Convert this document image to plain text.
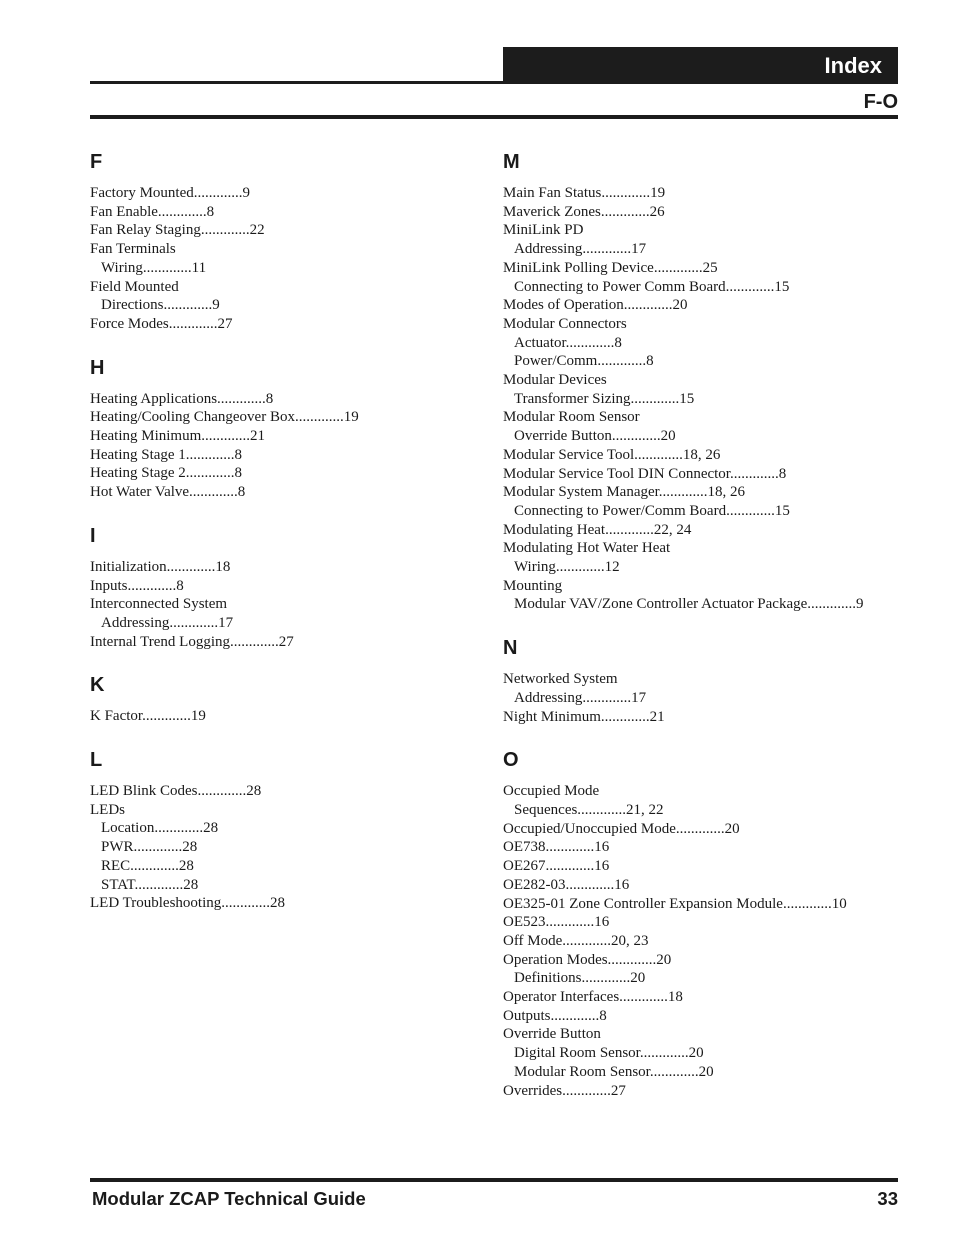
Index
F-O
F
Factory Mounted.............9
Fan Enable.............8
Fan Relay Staging.............22
Fan Terminals
Wiring.............11
Field Mounted
Directions.............9
Force Modes.............27
H
Heating Applications.............8
Heating/Cooling Changeover Box.............19
Heating Minimum.............21
Heating Stage 1.............8
Heating Stage 2.............8
Hot Water Valve.............8
I
Initialization.............18
Inputs.............8
Interconnected System
Addressing.............17
Internal Trend Logging.............27
K
K Factor.............19
L
LED Blink Codes.............28
LEDs
Location.............28
PWR.............28
REC.............28
STAT.............28
LED Troubleshooting.............28
M
Main Fan Status.............19
Maverick Zones.............26
MiniLink PD
Addressing.............17
MiniLink Polling Device.............25
Connecting to Power Comm Board.............15
Modes of Operation.............20
Modular Connectors
Actuator.............8
Power/Comm.............8
Modular Devices
Transformer Sizing.............15
Modular Room Sensor
Override Button.............20
Modular Service Tool.............18, 26
Modular Service Tool DIN Connector.............8
Modular System Manager.............18, 26
Connecting to Power/Comm Board.............15
Modulating Heat.............22, 24
Modulating Hot Water Heat
Wiring.............12
Mounting
Modular VAV/Zone Controller Actuator Package.............9
N
Networked System
Addressing.............17
Night Minimum.............21
O
Occupied Mode
Sequences.............21, 22
Occupied/Unoccupied Mode.............20
OE738.............16
OE267.............16
OE282-03.............16
OE325-01 Zone Controller Expansion Module.............10
OE523.............16
Off Mode.............20, 23
Operation Modes.............20
Definitions.............20
Operator Interfaces.............18
Outputs.............8
Override Button
Digital Room Sensor.............20
Modular Room Sensor.............20
Overrides.............27
Modular ZCAP Technical Guide	33
